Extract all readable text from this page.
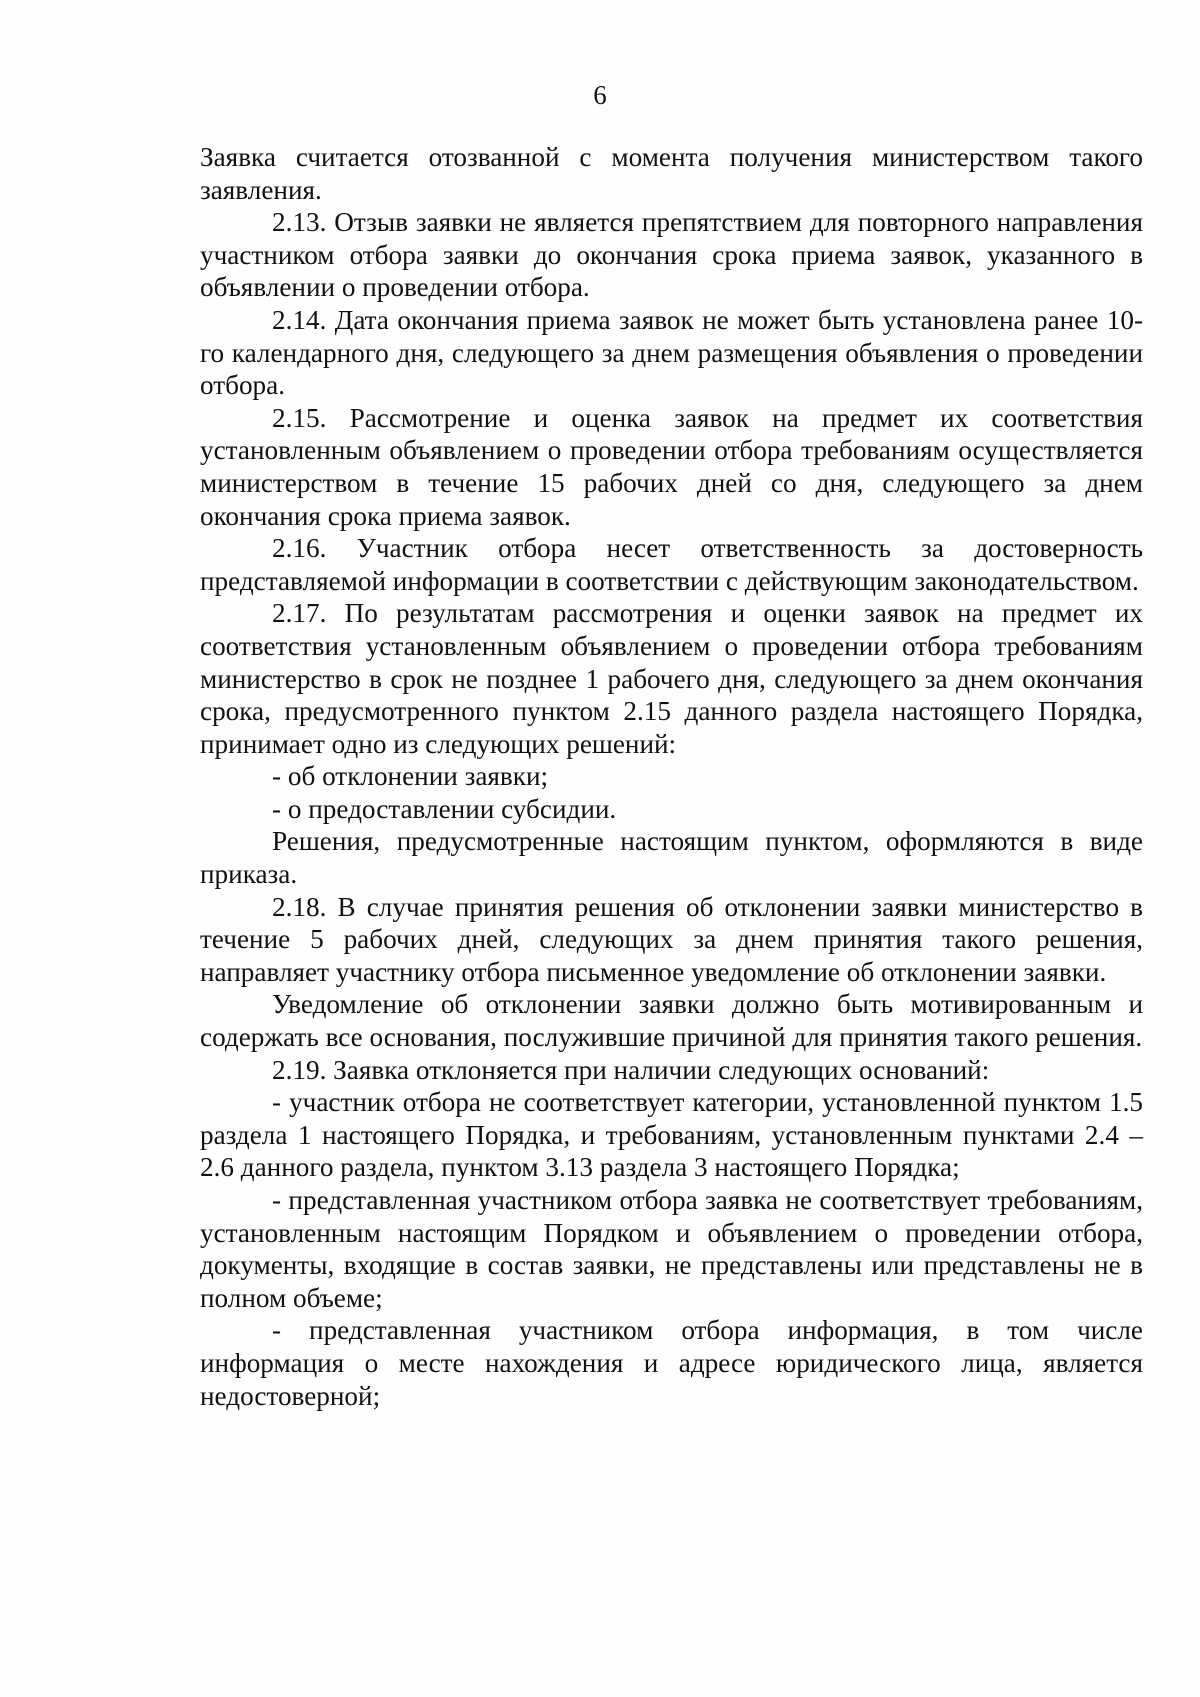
6

Заявка считается отозванной с момента получения министерством такого заявления.

2.13. Отзыв заявки не является препятствием для повторного направления участником отбора заявки до окончания срока приема заявок, указанного в объявлении о проведении отбора.

2.14. Дата окончания приема заявок не может быть установлена ранее 10-го календарного дня, следующего за днем размещения объявления о проведении отбора.

2.15. Рассмотрение и оценка заявок на предмет их соответствия установленным объявлением о проведении отбора требованиям осуществляется министерством в течение 15 рабочих дней со дня, следующего за днем окончания срока приема заявок.

2.16. Участник отбора несет ответственность за достоверность представляемой информации в соответствии с действующим законодательством.

2.17. По результатам рассмотрения и оценки заявок на предмет их соответствия установленным объявлением о проведении отбора требованиям министерство в срок не позднее 1 рабочего дня, следующего за днем окончания срока, предусмотренного пунктом 2.15 данного раздела настоящего Порядка, принимает одно из следующих решений:

- об отклонении заявки;

- о предоставлении субсидии.

Решения, предусмотренные настоящим пунктом, оформляются в виде приказа.

2.18. В случае принятия решения об отклонении заявки министерство в течение 5 рабочих дней, следующих за днем принятия такого решения, направляет участнику отбора письменное уведомление об отклонении заявки.

Уведомление об отклонении заявки должно быть мотивированным и содержать все основания, послужившие причиной для принятия такого решения.

2.19. Заявка отклоняется при наличии следующих оснований:

- участник отбора не соответствует категории, установленной пунктом 1.5 раздела 1 настоящего Порядка, и требованиям, установленным пунктами 2.4 – 2.6 данного раздела, пунктом 3.13 раздела 3 настоящего Порядка;

- представленная участником отбора заявка не соответствует требованиям, установленным настоящим Порядком и объявлением о проведении отбора, документы, входящие в состав заявки, не представлены или представлены не в полном объеме;

- представленная участником отбора информация, в том числе информация о месте нахождения и адресе юридического лица, является недостоверной;
